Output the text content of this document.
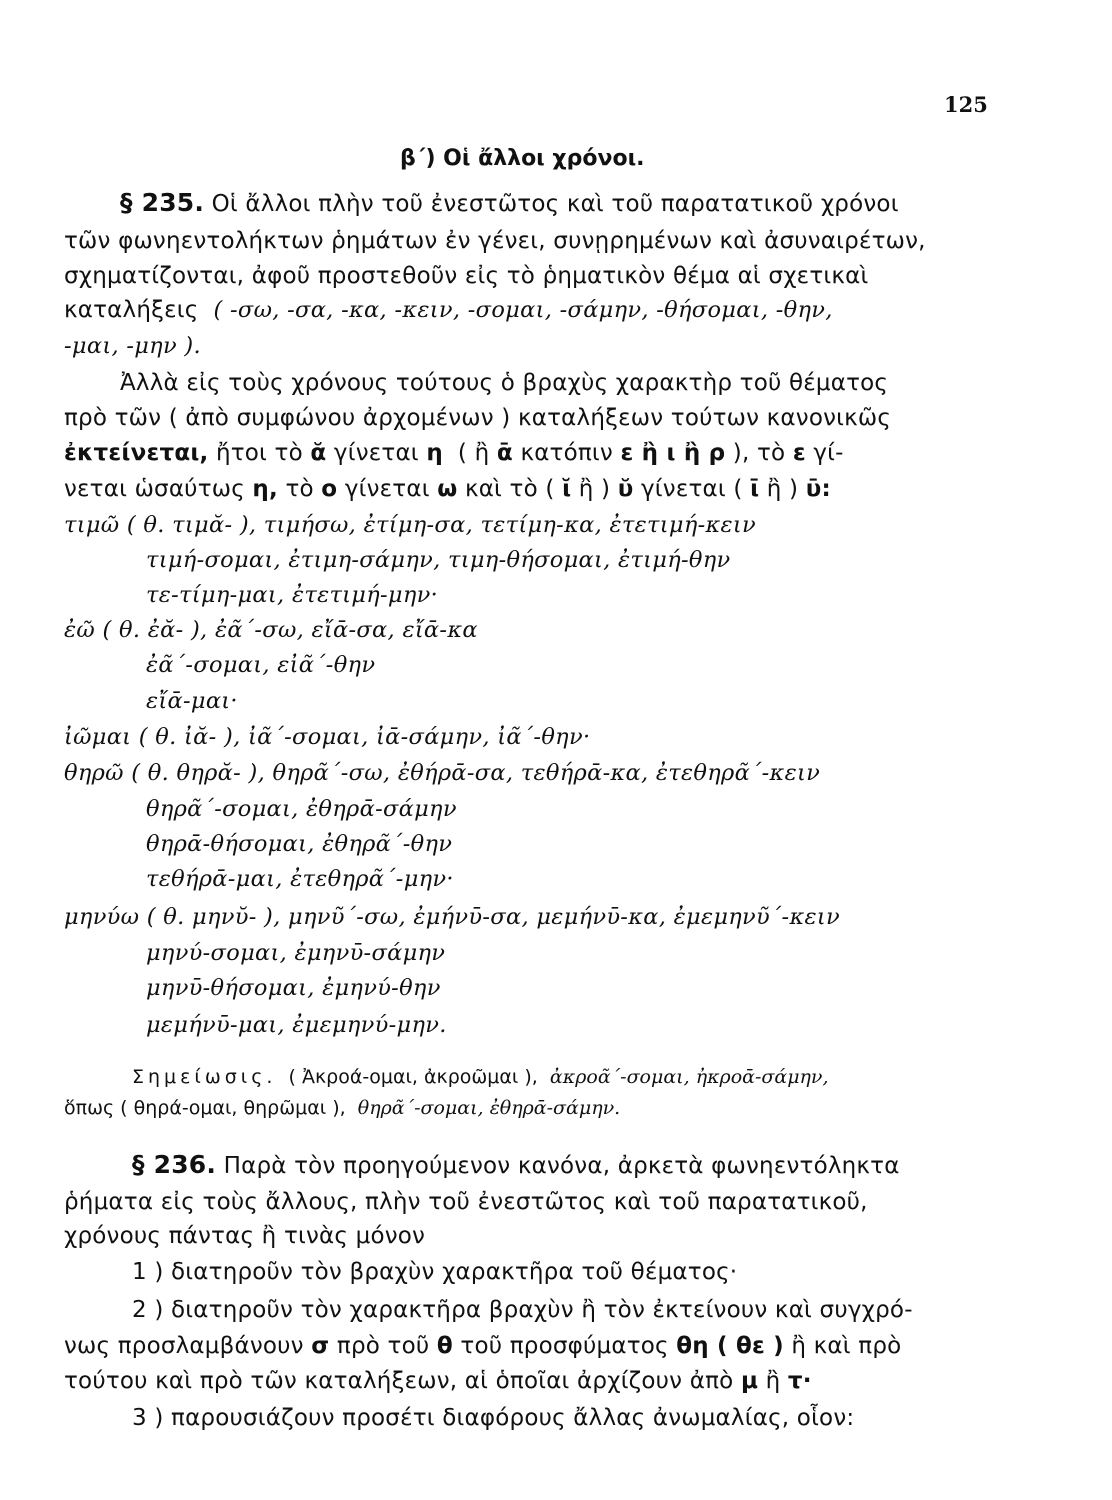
125
β΄) Οἱ ἄλλοι χρόνοι.
§ 235. Οἱ ἄλλοι πλὴν τοῦ ἐνεστῶτος καὶ τοῦ παρατατικοῦ χρόνοι
τῶν φωνηεντολήκτων ῥημάτων ἐν γένει, συνῃρημένων καὶ ἀσυναιρέτων,
σχηματίζονται, ἀφοῦ προστεθοῦν εἰς τὸ ῥηματικὸν θέμα αἱ σχετικαὶ
καταλήξεις ( -σω, -σα, -κα, -κειν, -σομαι, -σάμην, -θήσομαι, -θην,
-μαι, -μην ).
Ἀλλὰ εἰς τοὺς χρόνους τούτους ὁ βραχὺς χαρακτὴρ τοῦ θέματος
πρὸ τῶν ( ἀπὸ συμφώνου ἀρχομένων ) καταλήξεων τούτων κανονικῶς
ἐκτείνεται, ἤτοι τὸ ᾰ γίνεται η ( ἢ ᾱ κατόπιν ε ἢ ι ἢ ρ ), τὸ ε γί-
νεται ὡσαύτως η, τὸ ο γίνεται ω καὶ τὸ ( ῐ ἢ ) ῠ γίνεται ( ῑ ἢ ) ῡ:
τιμῶ ( θ. τιμᾰ- ), τιμήσω, ἐτίμη-σα, τετίμη-κα, ἐτετιμή-κειν
τιμή-σομαι, ἐτιμη-σάμην, τιμη-θήσομαι, ἐτιμή-θην
τε-τίμη-μαι, ἐτετιμή-μην·
ἐῶ ( θ. ἐᾰ- ), ἐᾶ΄-σω, εἴᾱ-σα, εἴᾱ-κα
ἐᾶ΄-σομαι, εἰᾶ΄-θην
εἴᾱ-μαι·
ἰῶμαι ( θ. ἰᾰ- ), ἰᾶ΄-σομαι, ἰᾱ-σάμην, ἰᾶ΄-θην·
θηρῶ ( θ. θηρᾰ- ), θηρᾶ΄-σω, ἐθήρᾱ-σα, τεθήρᾱ-κα, ἐτεθηρᾶ΄-κειν
θηρᾶ΄-σομαι, ἐθηρᾱ-σάμην
θηρᾱ-θήσομαι, ἐθηρᾶ΄-θην
τεθήρᾱ-μαι, ἐτεθηρᾶ΄-μην·
μηνύω ( θ. μηνῠ- ), μηνῦ΄-σω, ἐμήνῡ-σα, μεμήνῡ-κα, ἐμεμηνῦ΄-κειν
μηνύ-σομαι, ἐμηνῡ-σάμην
μηνῡ-θήσομαι, ἐμηνύ-θην
μεμήνῡ-μαι, ἐμεμηνύ-μην.
Σημείωσις. ( Ἀκροά-ομαι, ἀκροῶμαι ), ἀκροᾶ΄-σομαι, ἠκροᾱ-σάμην,
ὅπως ( θηρά-ομαι, θηρῶμαι ), θηρᾶ΄-σομαι, ἐθηρᾱ-σάμην.
§ 236. Παρὰ τὸν προηγούμενον κανόνα, ἀρκετὰ φωνηεντόληκτα
ῥήματα εἰς τοὺς ἄλλους, πλὴν τοῦ ἐνεστῶτος καὶ τοῦ παρατατικοῦ,
χρόνους πάντας ἢ τινὰς μόνον
1 ) διατηροῦν τὸν βραχὺν χαρακτῆρα τοῦ θέματος·
2 ) διατηροῦν τὸν χαρακτῆρα βραχὺν ἢ τὸν ἐκτείνουν καὶ συγχρό-
νως προσλαμβάνουν σ πρὸ τοῦ θ τοῦ προσφύματος θη ( θε ) ἢ καὶ πρὸ
τούτου καὶ πρὸ τῶν καταλήξεων, αἱ ὁποῖαι ἀρχίζουν ἀπὸ μ ἢ τ·
3 ) παρουσιάζουν προσέτι διαφόρους ἄλλας ἀνωμαλίας, οἷον:
